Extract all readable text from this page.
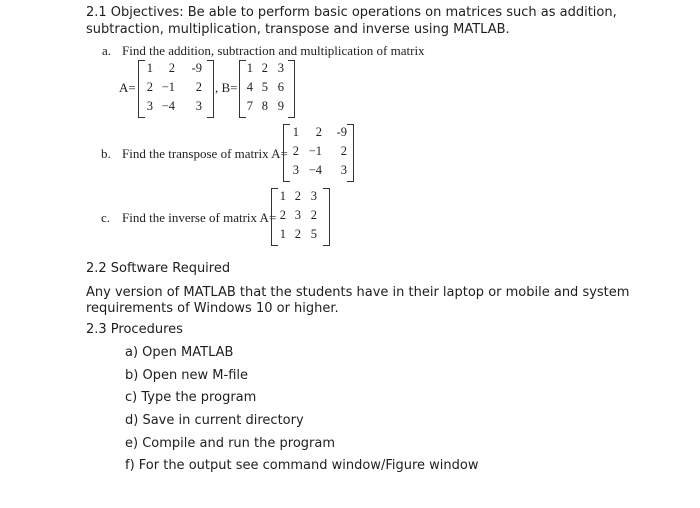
2.1 Objectives: Be able to perform basic operations on matrices such as addition,
subtraction, multiplication, transpose and inverse using MATLAB.
a. Find the addition, subtraction and multiplication of matrix
A=
1	2	-9
2 −1	2
3 −4	3
, B=
1 2 3
4 5 6
7 8 9
b. Find the transpose of matrix A=
1	2	-9
2 −1	2
3 −4	3
c. Find the inverse of matrix A=
1 2 3
2 3 2
1 2 5
2.2 Software Required
Any version of MATLAB that the students have in their laptop or mobile and system
requirements of Windows 10 or higher.
2.3 Procedures
a) Open MATLAB
b) Open new M-file
c) Type the program
d) Save in current directory
e) Compile and run the program
f) For the output see command window/Figure window
